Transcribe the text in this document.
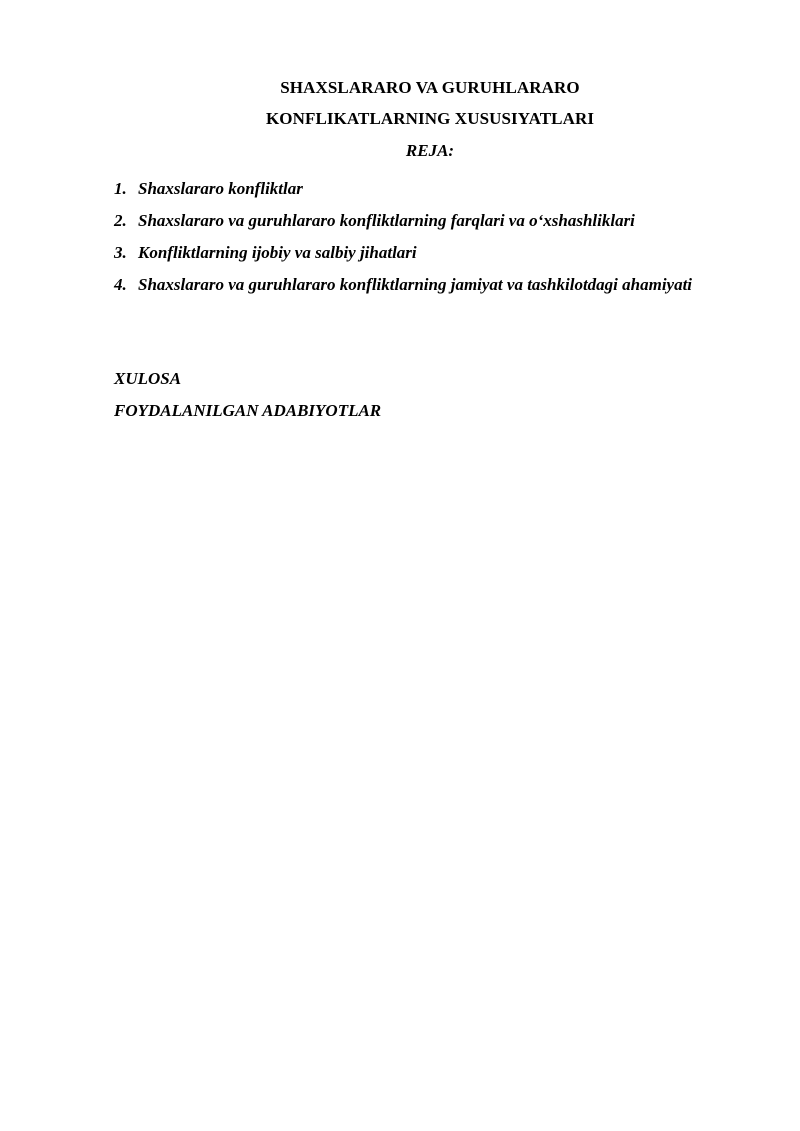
SHAXSLARARO VA GURUHLARARO

KONFLIKATLARNING XUSUSIYATLARI

REJA:

1. Shaxslararo konfliktlar
2. Shaxslararo va guruhlararo konfliktlarning farqlari va o‘xshashliklari
3. Konfliktlarning ijobiy va salbiy jihatlari
4. Shaxslararo va guruhlararo konfliktlarning jamiyat va tashkilotdagi ahamiyati

XULOSA

FOYDALANILGAN ADABIYOTLAR
